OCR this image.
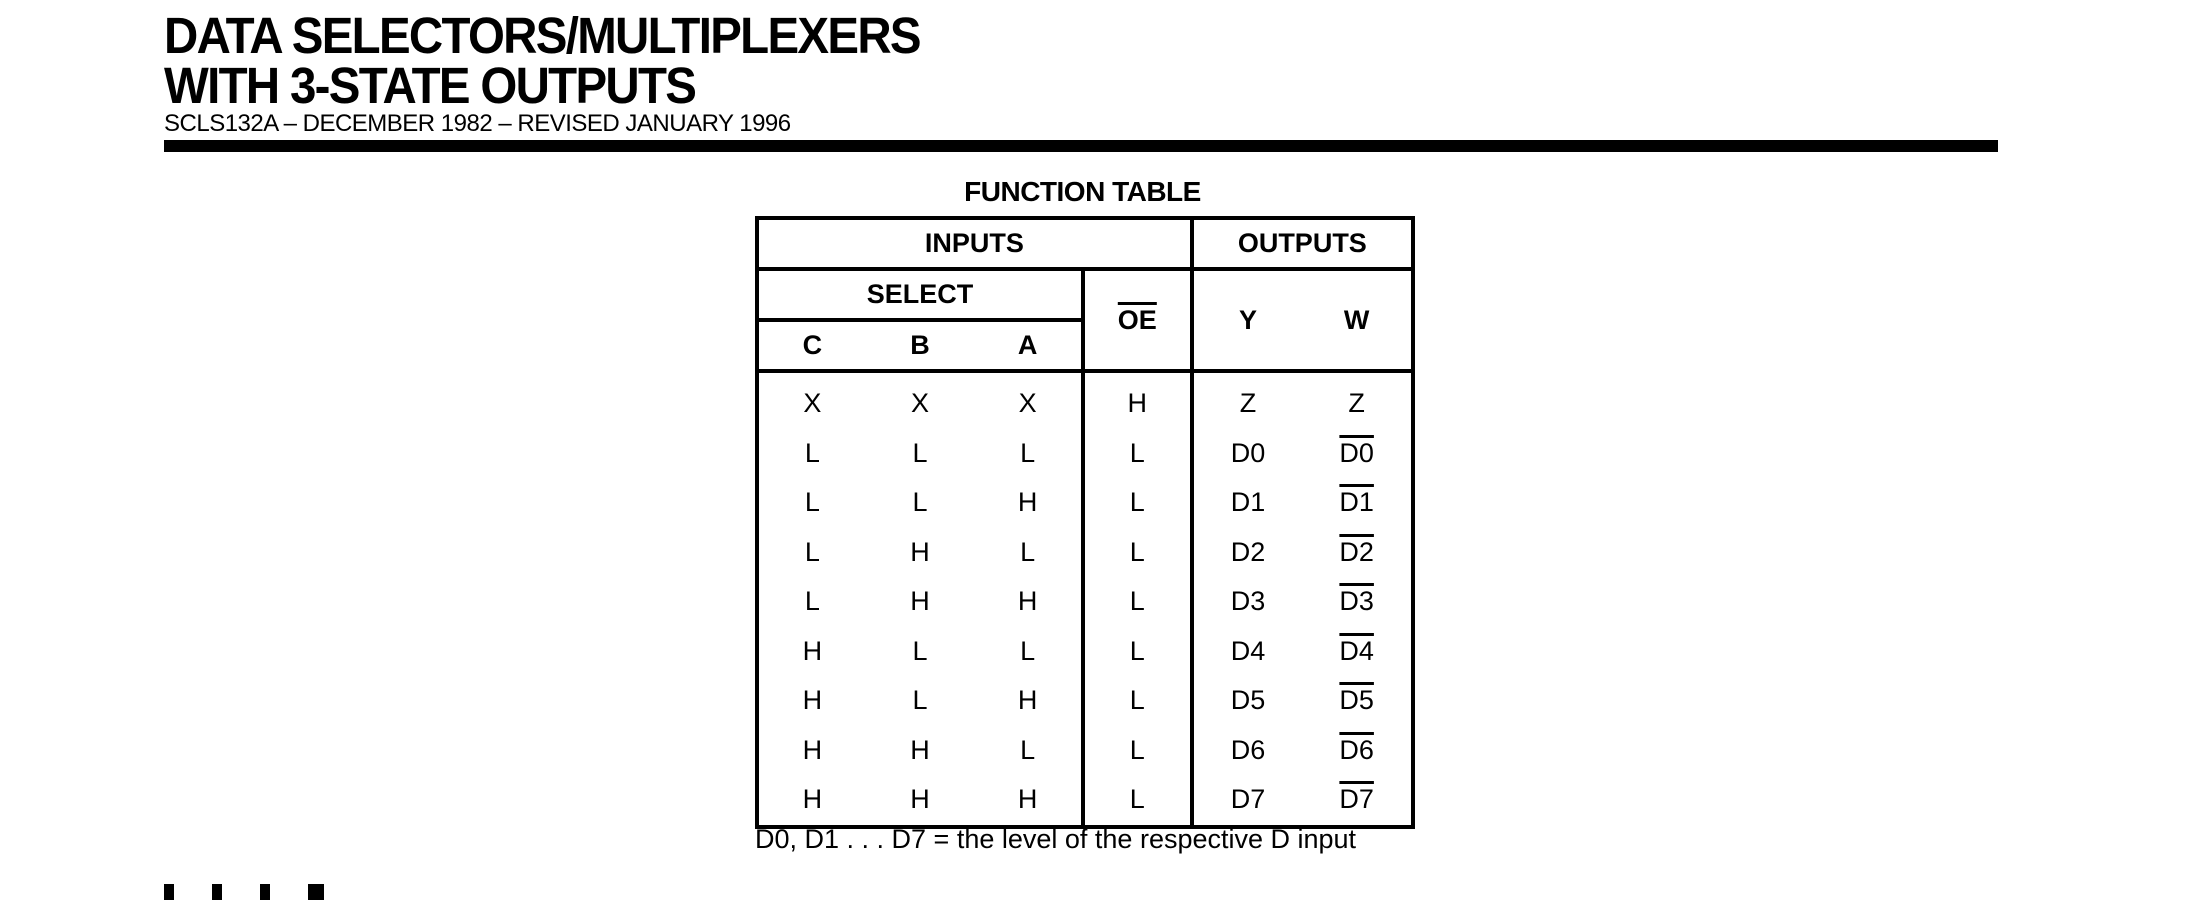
DATA SELECTORS/MULTIPLEXERS
WITH 3-STATE OUTPUTS
SCLS132A – DECEMBER 1982 – REVISED JANUARY 1996
FUNCTION TABLE
INPUTS				OUTPUTS	
SELECT			$\overline{OE}$	Y	W
C	B	A			
X	X	X	H	Z	Z
L	L	L	L	D0	D0
L	L	H	L	D1	D1
L	H	L	L	D2	D2
L	H	H	L	D3	D3
H	L	L	L	D4	D4
H	L	H	L	D5	D5
H	H	L	L	D6	D6
H	H	H	L	D7	D7
D0, D1 . . . D7 = the level of the respective D input
